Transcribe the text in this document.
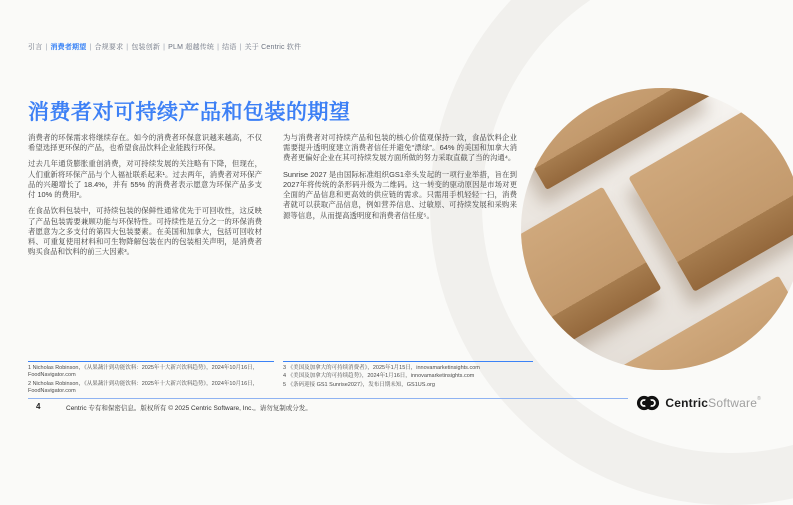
引言 | 消费者期望 | 合规要求 | 包装创新 | PLM 超越传统 | 结语 | 关于 Centric 软件
消费者对可持续产品和包装的期望

消费者的环保需求将继续存在。如今的消费者环保意识越来越高，不仅希望选择更环保的产品，也希望食品饮料企业能践行环保。

过去几年通货膨胀重创消费，对可持续发展的关注略有下降，但现在，人们重新将环保产品与个人福祉联系起来¹。过去两年，消费者对环保产品的兴趣增长了 18.4%，并有 55% 的消费者表示愿意为环保产品多支付 10% 的费用²。

在食品饮料包装中，可持续包装的保鲜性通常优先于可回收性，这反映了产品包装需要兼顾功能与环保特性。可持续性是五分之一的环保消费者愿意为之多支付的第四大包装要素。在美国和加拿大，包括可回收材料、可重复使用材料和可生物降解包装在内的包装相关声明，是消费者购买食品和饮料的前三大因素³。

为与消费者对可持续产品和包装的核心价值观保持一致，食品饮料企业需要提升透明度建立消费者信任并避免“漂绿”。64% 的美国和加拿大消费者更偏好企业在其可持续发展方面所做的努力采取直截了当的沟通⁴。

Sunrise 2027 是由国际标准组织GS1牵头发起的一项行业举措，旨在到2027年将传统的条形码升级为二维码。这一转变的驱动原因是市场对更全面的产品信息和更高效的供应链的需求。只需用手机轻轻一扫，消费者就可以获取产品信息，例如营养信息、过敏原、可持续发展和采购来源等信息，从而提高透明度和消费者信任度⁵。

1 Nicholas Robinson，《从果蔬汁到功能饮料：2025年十大新兴饮料趋势》，2024年10月16日，FoodNavigator.com
2 Nicholas Robinson，《从果蔬汁到功能饮料：2025年十大新兴饮料趋势》，2024年10月16日，FoodNavigator.com
3 《美国及加拿大的可持续消费者》，2025年1月15日，innovamarketinsights.com
4 《美国及加拿大的可持续趋势》，2024年1月16日，innovamarketinsights.com
5 《条码迎接 GS1 Sunrise2027》，发布日期未知，GS1US.org
4	Centric 专有和保密信息。版权所有 © 2025 Centric Software, Inc.。请勿复制或分发。	CentricSoftware®
